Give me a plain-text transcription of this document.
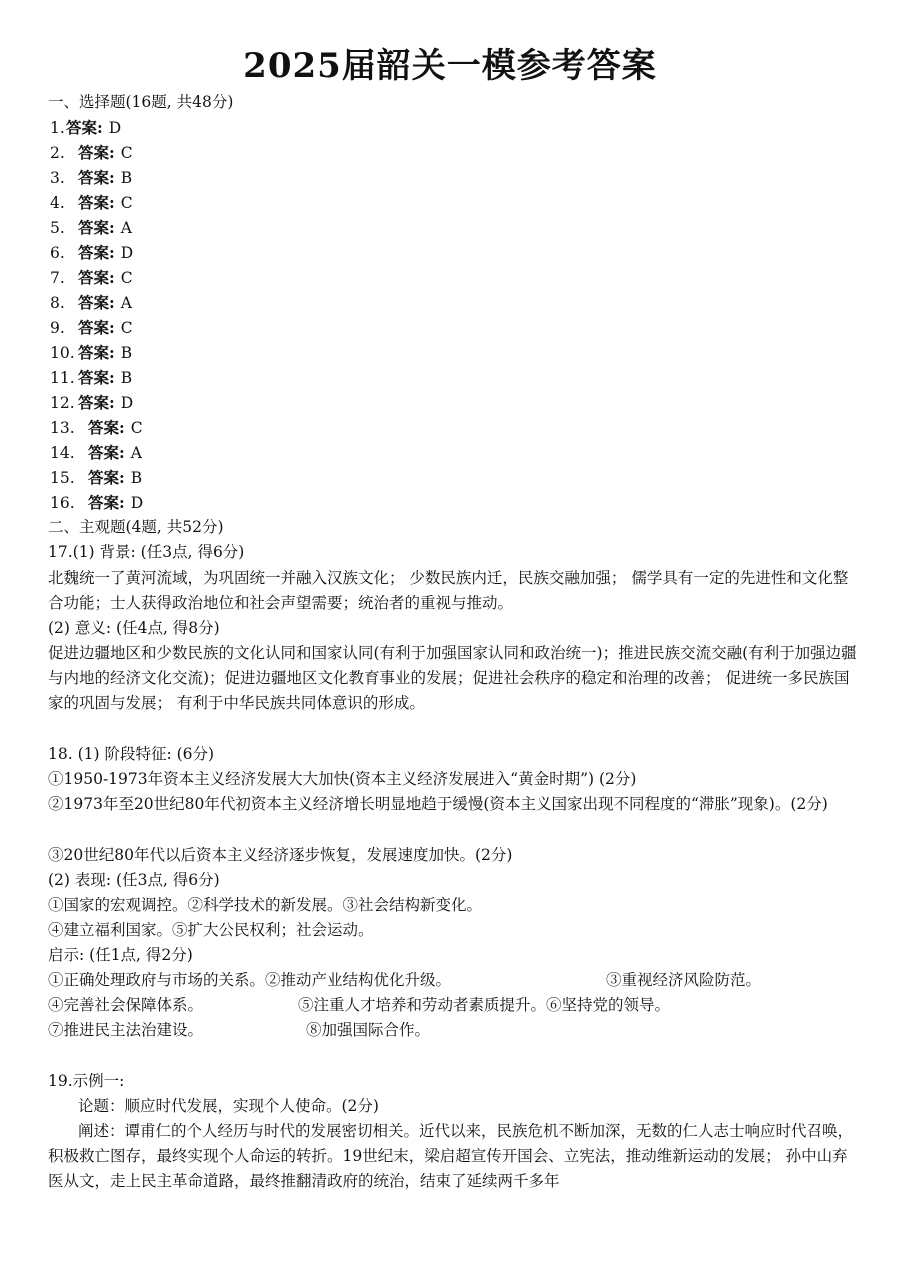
2025届韶关一模参考答案
一、选择题(16题, 共48分)
1.答案: D
2. 答案: C
3. 答案: B
4. 答案: C
5. 答案: A
6. 答案: D
7. 答案: C
8. 答案: A
9. 答案: C
10. 答案: B
11. 答案: B
12. 答案: D
13. 答案: C
14. 答案: A
15. 答案: B
16. 答案: D
二、主观题(4题, 共52分)
17.(1) 背景: (任3点, 得6分)
北魏统一了黄河流域，为巩固统一并融入汉族文化； 少数民族内迁，民族交融加强； 儒学具有一定的先进性和文化整合功能；士人获得政治地位和社会声望需要；统治者的重视与推动。
(2) 意义: (任4点, 得8分)
促进边疆地区和少数民族的文化认同和国家认同(有利于加强国家认同和政治统一)；推进民族交流交融(有利于加强边疆与内地的经济文化交流)；促进边疆地区文化教育事业的发展；促进社会秩序的稳定和治理的改善； 促进统一多民族国家的巩固与发展； 有利于中华民族共同体意识的形成。
18. (1) 阶段特征: (6分)
①1950-1973年资本主义经济发展大大加快(资本主义经济发展进入“黄金时期”) (2分)
②1973年至20世纪80年代初资本主义经济增长明显地趋于缓慢(资本主义国家出现不同程度的“滞胀”现象)。(2分)
③20世纪80年代以后资本主义经济逐步恢复，发展速度加快。(2分)
(2) 表现: (任3点, 得6分)
①国家的宏观调控。②科学技术的新发展。③社会结构新变化。
④建立福利国家。⑤扩大公民权利；社会运动。
启示: (任1点, 得2分)
①正确处理政府与市场的关系。②推动产业结构优化升级。	③重视经济风险防范。
④完善社会保障体系。	⑤注重人才培养和劳动者素质提升。⑥坚持党的领导。
⑦推进民主法治建设。	⑧加强国际合作。
19.示例一:
论题：顺应时代发展，实现个人使命。(2分)
阐述：谭甫仁的个人经历与时代的发展密切相关。近代以来，民族危机不断加深，无数的仁人志士响应时代召唤，积极救亡图存，最终实现个人命运的转折。19世纪末，梁启超宣传开国会、立宪法，推动维新运动的发展； 孙中山弃医从文，走上民主革命道路，最终推翻清政府的统治，结束了延续两千多年
